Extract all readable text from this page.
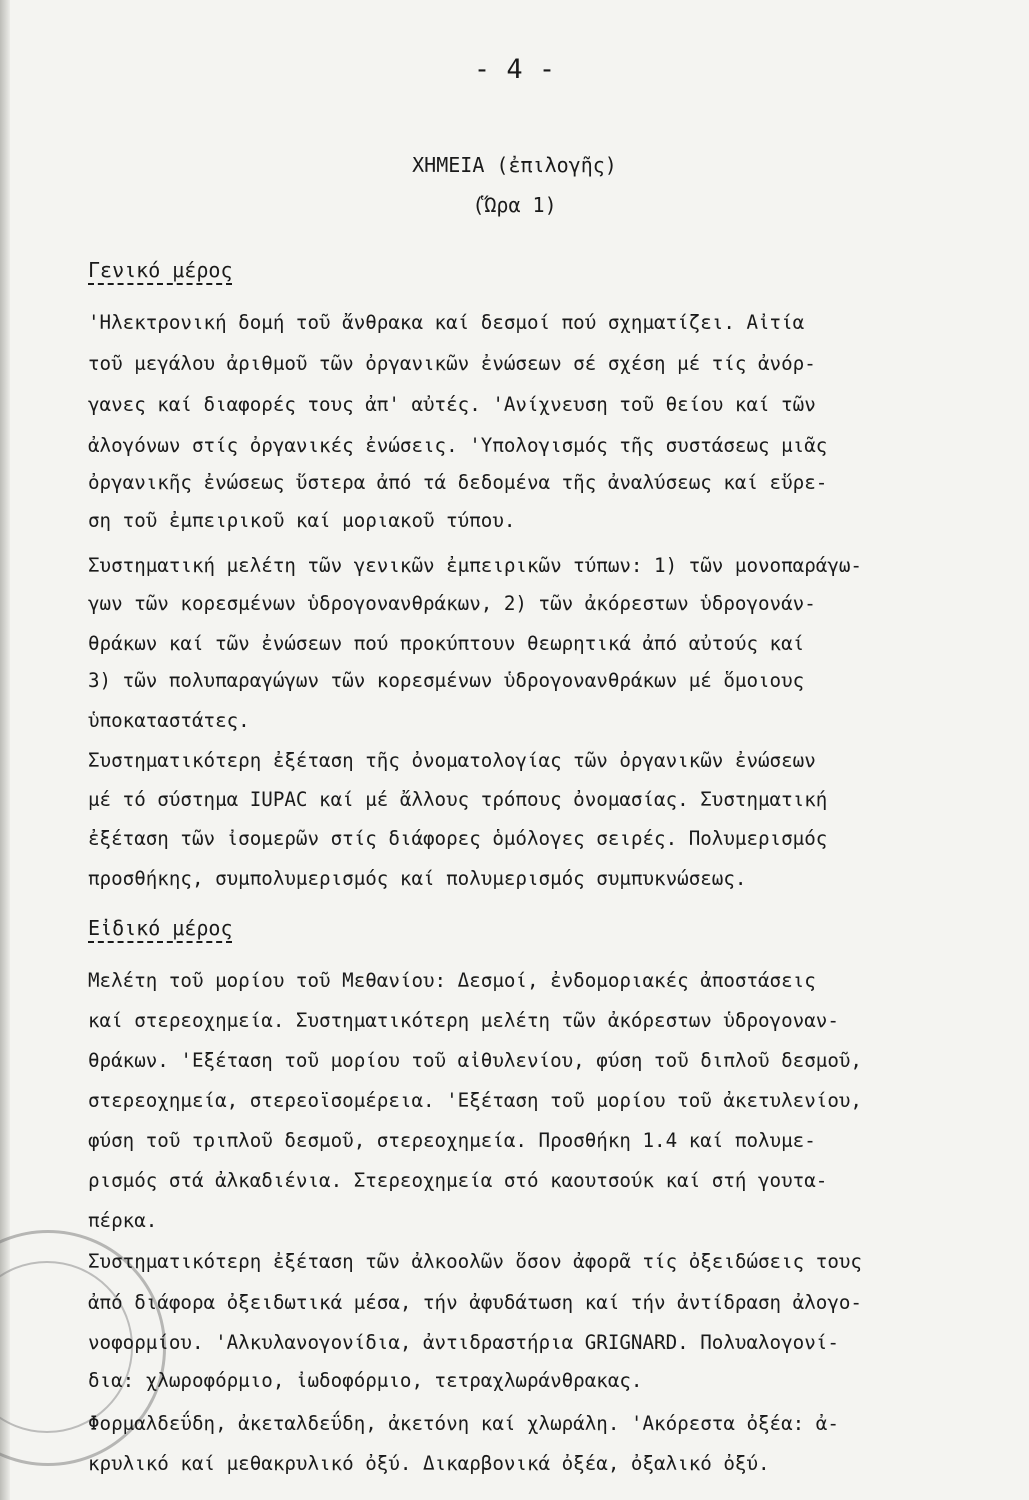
- 4 -
ΧΗΜΕΙΑ (ἐπιλογῆς)
(Ὥρα 1)
Γενικό μέρος
'Ηλεκτρονική δομή τοῦ ἄνθρακα καί δεσμοί πού σχηματίζει. Αἰτία
τοῦ μεγάλου ἀριθμοῦ τῶν ὀργανικῶν ἐνώσεων σέ σχέση μέ τίς ἀνόρ-
γανες καί διαφορές τους ἀπ' αὐτές. 'Ανίχνευση τοῦ θείου καί τῶν
ἀλογόνων στίς ὀργανικές ἐνώσεις. 'Υπολογισμός τῆς συστάσεως μιᾶς
ὀργανικῆς ἐνώσεως ὕστερα ἀπό τά δεδομένα τῆς ἀναλύσεως καί εὕρε-
ση τοῦ ἐμπειρικοῦ καί μοριακοῦ τύπου.
Συστηματική μελέτη τῶν γενικῶν ἐμπειρικῶν τύπων: 1) τῶν μονοπαράγω-
γων τῶν κορεσμένων ὑδρογονανθράκων, 2) τῶν ἀκόρεστων ὑδρογονάν-
θράκων καί τῶν ἐνώσεων πού προκύπτουν θεωρητικά ἀπό αὐτούς καί
3) τῶν πολυπαραγώγων τῶν κορεσμένων ὑδρογονανθράκων μέ ὅμοιους
ὑποκαταστάτες.
Συστηματικότερη ἐξέταση τῆς ὀνοματολογίας τῶν ὀργανικῶν ἐνώσεων
μέ τό σύστημα IUPAC καί μέ ἄλλους τρόπους ὀνομασίας. Συστηματική
ἐξέταση τῶν ἰσομερῶν στίς διάφορες ὁμόλογες σειρές. Πολυμερισμός
προσθήκης, συμπολυμερισμός καί πολυμερισμός συμπυκνώσεως.
Εἰδικό μέρος
Μελέτη τοῦ μορίου τοῦ Μεθανίου: Δεσμοί, ἐνδομοριακές ἀποστάσεις
καί στερεοχημεία. Συστηματικότερη μελέτη τῶν ἀκόρεστων ὑδρογοναν-
θράκων. 'Εξέταση τοῦ μορίου τοῦ αἰθυλενίου, φύση τοῦ διπλοῦ δεσμοῦ,
στερεοχημεία, στερεοϊσομέρεια. 'Εξέταση τοῦ μορίου τοῦ ἀκετυλενίου,
φύση τοῦ τριπλοῦ δεσμοῦ, στερεοχημεία. Προσθήκη 1.4 καί πολυμε-
ρισμός στά ἀλκαδιένια. Στερεοχημεία στό καουτσούκ καί στή γουτα-
πέρκα.
Συστηματικότερη ἐξέταση τῶν ἀλκοολῶν ὅσον ἀφορᾶ τίς ὀξειδώσεις τους
ἀπό διάφορα ὀξειδωτικά μέσα, τήν ἀφυδάτωση καί τήν ἀντίδραση ἀλογο-
νοφορμίου. 'Αλκυλανογονίδια, ἀντιδραστήρια GRIGNARD. Πολυαλογονί-
δια: χλωροφόρμιο, ἰωδοφόρμιο, τετραχλωράνθρακας.
Φορμαλδεΰδη, ἀκεταλδεΰδη, ἀκετόνη καί χλωράλη. 'Ακόρεστα ὀξέα: ἀ-
κρυλικό καί μεθακρυλικό ὀξύ. Δικαρβονικά ὀξέα, ὀξαλικό ὀξύ.
